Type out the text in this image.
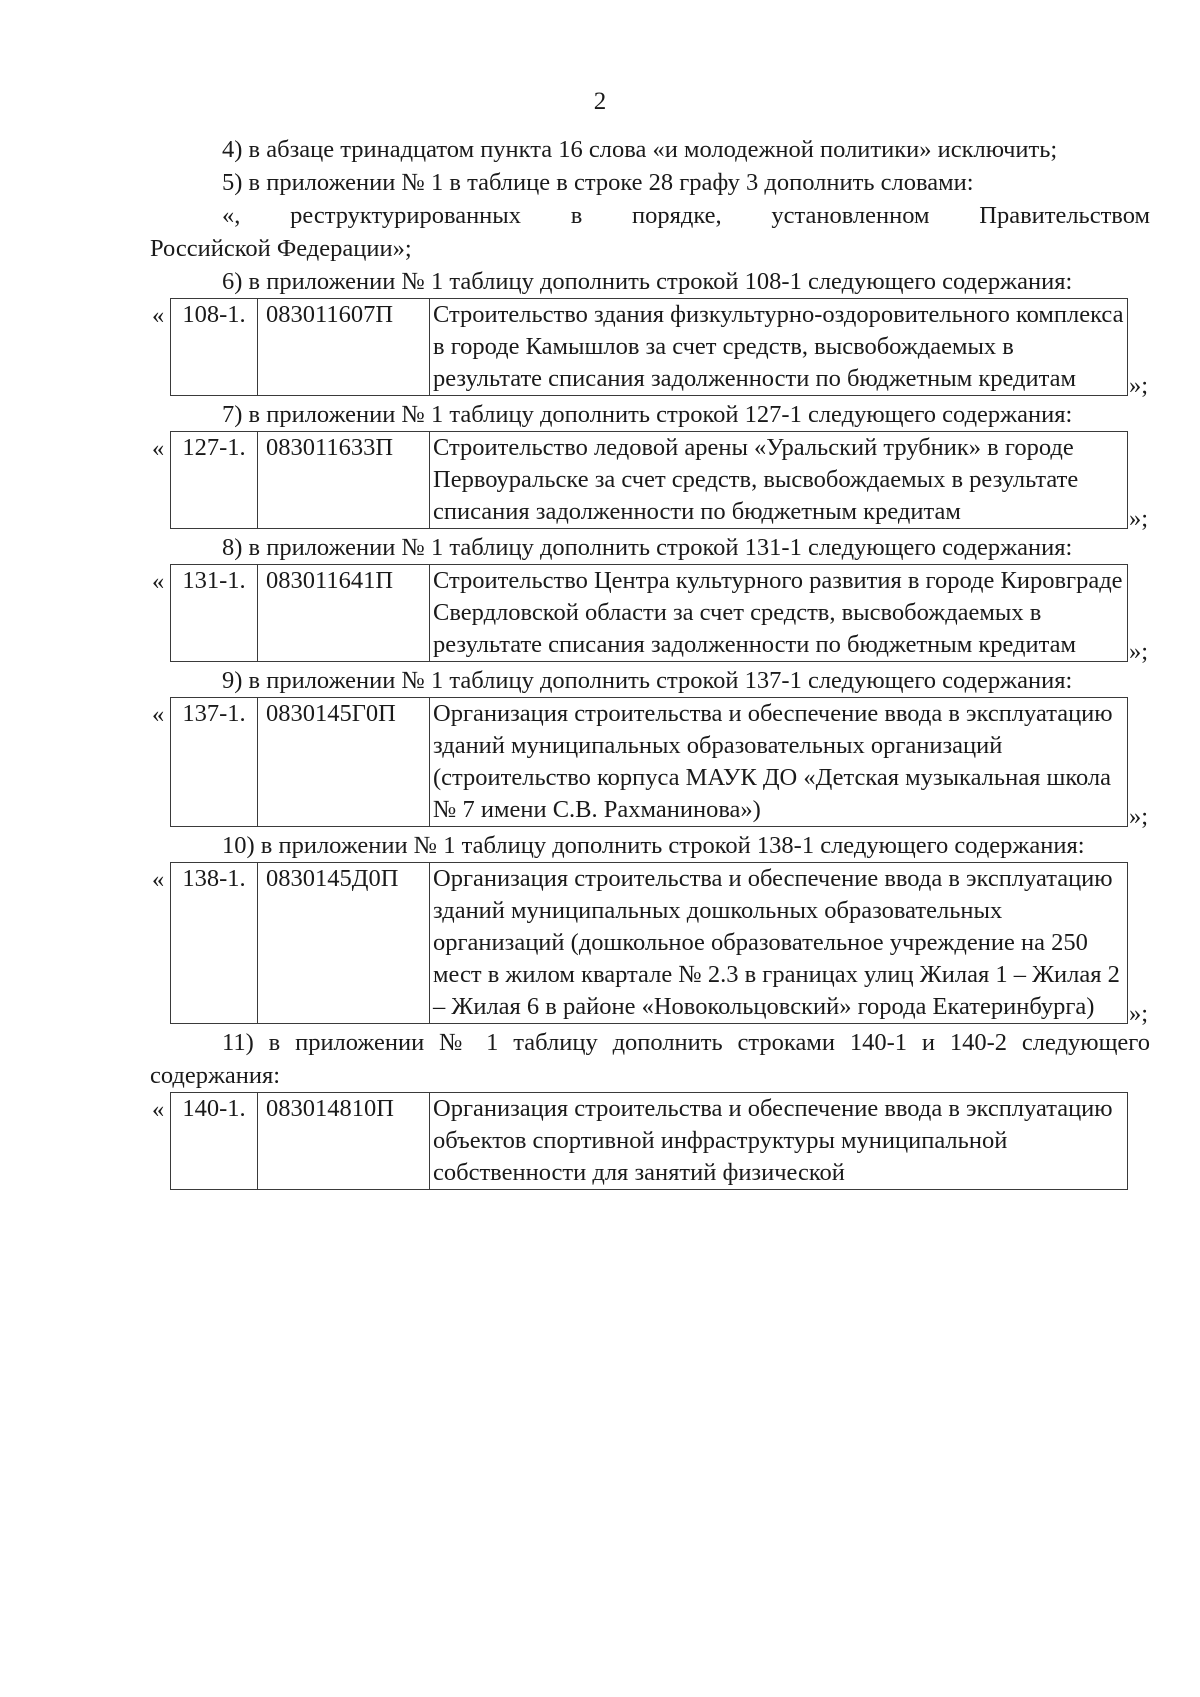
2

4) в абзаце тринадцатом пункта 16 слова «и молодежной политики» исключить;

5) в приложении № 1 в таблице в строке 28 графу 3 дополнить словами:

«, реструктурированных в порядке, установленном Правительством

Российской Федерации»;

6) в приложении № 1 таблицу дополнить строкой 108-1 следующего содержания:

« 108-1.	083011607П	Строительство здания физкультурно-оздоровительного комплекса в городе Камышлов за счет средств, высвобождаемых в результате списания задолженности по бюджетным кредитам »;

7) в приложении № 1 таблицу дополнить строкой 127-1 следующего содержания:

« 127-1.	083011633П	Строительство ледовой арены «Уральский трубник» в городе Первоуральске за счет средств, высвобождаемых в результате списания задолженности по бюджетным кредитам	»;

8) в приложении № 1 таблицу дополнить строкой 131-1 следующего содержания:

« 131-1.	083011641П	Строительство Центра культурного развития в городе Кировграде Свердловской области за счет средств, высвобождаемых в результате списания задолженности по бюджетным кредитам »;

9) в приложении № 1 таблицу дополнить строкой 137-1 следующего содержания:

« 137-1.	0830145Г0П	Организация строительства и обеспечение ввода в эксплуатацию зданий муниципальных образовательных организаций (строительство корпуса МАУК ДО «Детская музыкальная школа № 7 имени С.В. Рахманинова»)	»;

10) в приложении № 1 таблицу дополнить строкой 138-1 следующего содержания:

« 138-1.	0830145Д0П	Организация строительства и обеспечение ввода в эксплуатацию зданий муниципальных дошкольных образовательных организаций (дошкольное образовательное учреждение на 250 мест в жилом квартале № 2.3 в границах улиц Жилая 1 – Жилая 2 – Жилая 6 в районе «Новокольцовский» города Екатеринбурга) »;

11) в приложении № 1 таблицу дополнить строками 140-1 и 140-2 следующего содержания:

« 140-1.	083014810П	Организация строительства и обеспечение ввода в эксплуатацию объектов спортивной инфраструктуры муниципальной собственности для занятий физической
